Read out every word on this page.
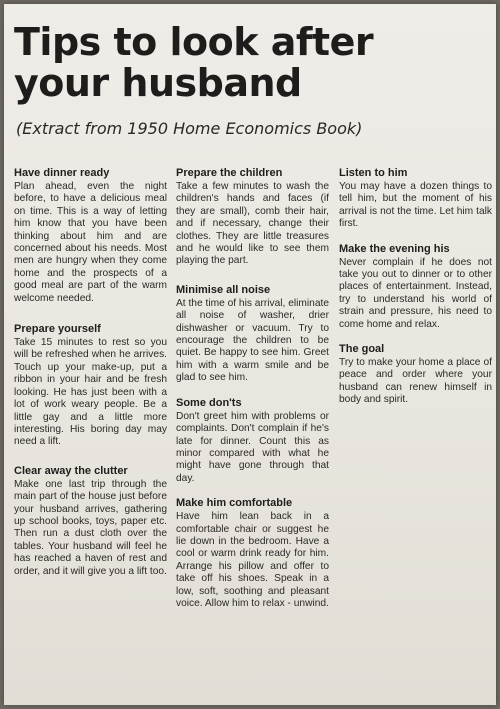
Tips to look after your husband

(Extract from 1950 Home Economics Book)

Have dinner ready

Plan ahead, even the night before, to have a delicious meal on time. This is a way of letting him know that you have been thinking about him and are concerned about his needs. Most men are hungry when they come home and the prospects of a good meal are part of the warm welcome needed.

Prepare yourself

Take 15 minutes to rest so you will be refreshed when he arrives. Touch up your make-up, put a ribbon in your hair and be fresh looking. He has just been with a lot of work weary people. Be a little gay and a little more interesting. His boring day may need a lift.

Clear away the clutter

Make one last trip through the main part of the house just before your husband arrives, gathering up school books, toys, paper etc. Then run a dust cloth over the tables. Your husband will feel he has reached a haven of rest and order, and it will give you a lift too.

Prepare the children

Take a few minutes to wash the children's hands and faces (if they are small), comb their hair, and if necessary, change their clothes. They are little treasures and he would like to see them playing the part.

Minimise all noise

At the time of his arrival, eliminate all noise of washer, drier dishwasher or vacuum. Try to encourage the children to be quiet. Be happy to see him. Greet him with a warm smile and be glad to see him.

Some don'ts

Don't greet him with problems or complaints. Don't complain if he's late for dinner. Count this as minor compared with what he might have gone through that day.

Make him comfortable

Have him lean back in a comfortable chair or suggest he lie down in the bedroom. Have a cool or warm drink ready for him. Arrange his pillow and offer to take off his shoes. Speak in a low, soft, soothing and pleasant voice. Allow him to relax - unwind.

Listen to him

You may have a dozen things to tell him, but the moment of his arrival is not the time. Let him talk first.

Make the evening his

Never complain if he does not take you out to dinner or to other places of entertainment. Instead, try to understand his world of strain and pressure, his need to come home and relax.

The goal

Try to make your home a place of peace and order where your husband can renew himself in body and spirit.
